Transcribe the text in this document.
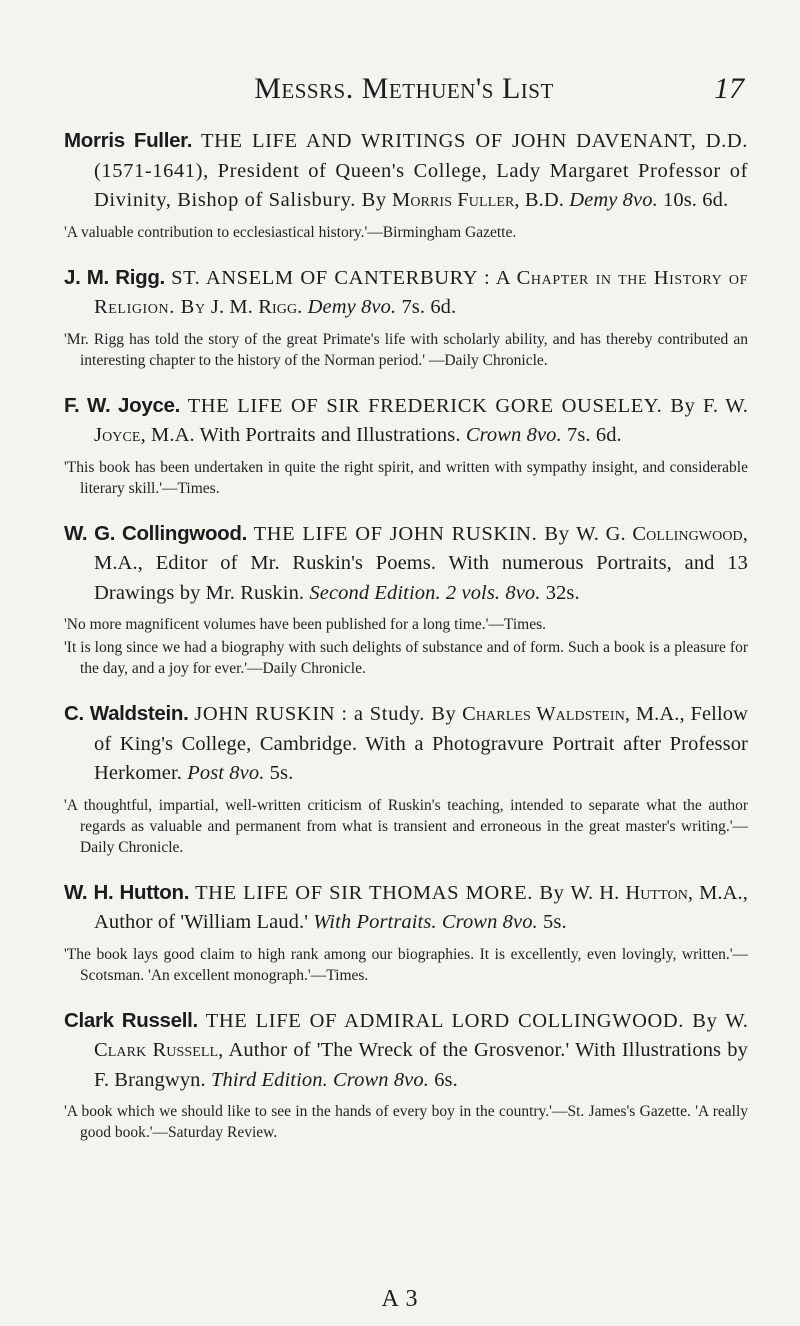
Messrs. Methuen's List	17
Morris Fuller. THE LIFE AND WRITINGS OF JOHN DAVENANT, D.D. (1571-1641), President of Queen's College, Lady Margaret Professor of Divinity, Bishop of Salisbury. By Morris Fuller, B.D. Demy 8vo. 10s. 6d.
'A valuable contribution to ecclesiastical history.'—Birmingham Gazette.
J. M. Rigg. ST. ANSELM OF CANTERBURY : A Chapter in the History of Religion. By J. M. Rigg. Demy 8vo. 7s. 6d.
'Mr. Rigg has told the story of the great Primate's life with scholarly ability, and has thereby contributed an interesting chapter to the history of the Norman period.' —Daily Chronicle.
F. W. Joyce. THE LIFE OF SIR FREDERICK GORE OUSELEY. By F. W. Joyce, M.A. With Portraits and Illustrations. Crown 8vo. 7s. 6d.
'This book has been undertaken in quite the right spirit, and written with sympathy insight, and considerable literary skill.'—Times.
W. G. Collingwood. THE LIFE OF JOHN RUSKIN. By W. G. Collingwood, M.A., Editor of Mr. Ruskin's Poems. With numerous Portraits, and 13 Drawings by Mr. Ruskin. Second Edition. 2 vols. 8vo. 32s.
'No more magnificent volumes have been published for a long time.'—Times.
'It is long since we had a biography with such delights of substance and of form. Such a book is a pleasure for the day, and a joy for ever.'—Daily Chronicle.
C. Waldstein. JOHN RUSKIN : a Study. By Charles Waldstein, M.A., Fellow of King's College, Cambridge. With a Photogravure Portrait after Professor Herkomer. Post 8vo. 5s.
'A thoughtful, impartial, well-written criticism of Ruskin's teaching, intended to separate what the author regards as valuable and permanent from what is transient and erroneous in the great master's writing.'—Daily Chronicle.
W. H. Hutton. THE LIFE OF SIR THOMAS MORE. By W. H. Hutton, M.A., Author of 'William Laud.' With Portraits. Crown 8vo. 5s.
'The book lays good claim to high rank among our biographies. It is excellently, even lovingly, written.'—Scotsman. 'An excellent monograph.'—Times.
Clark Russell. THE LIFE OF ADMIRAL LORD COLLINGWOOD. By W. Clark Russell, Author of 'The Wreck of the Grosvenor.' With Illustrations by F. Brangwyn. Third Edition. Crown 8vo. 6s.
'A book which we should like to see in the hands of every boy in the country.'—St. James's Gazette. 'A really good book.'—Saturday Review.
A 3
